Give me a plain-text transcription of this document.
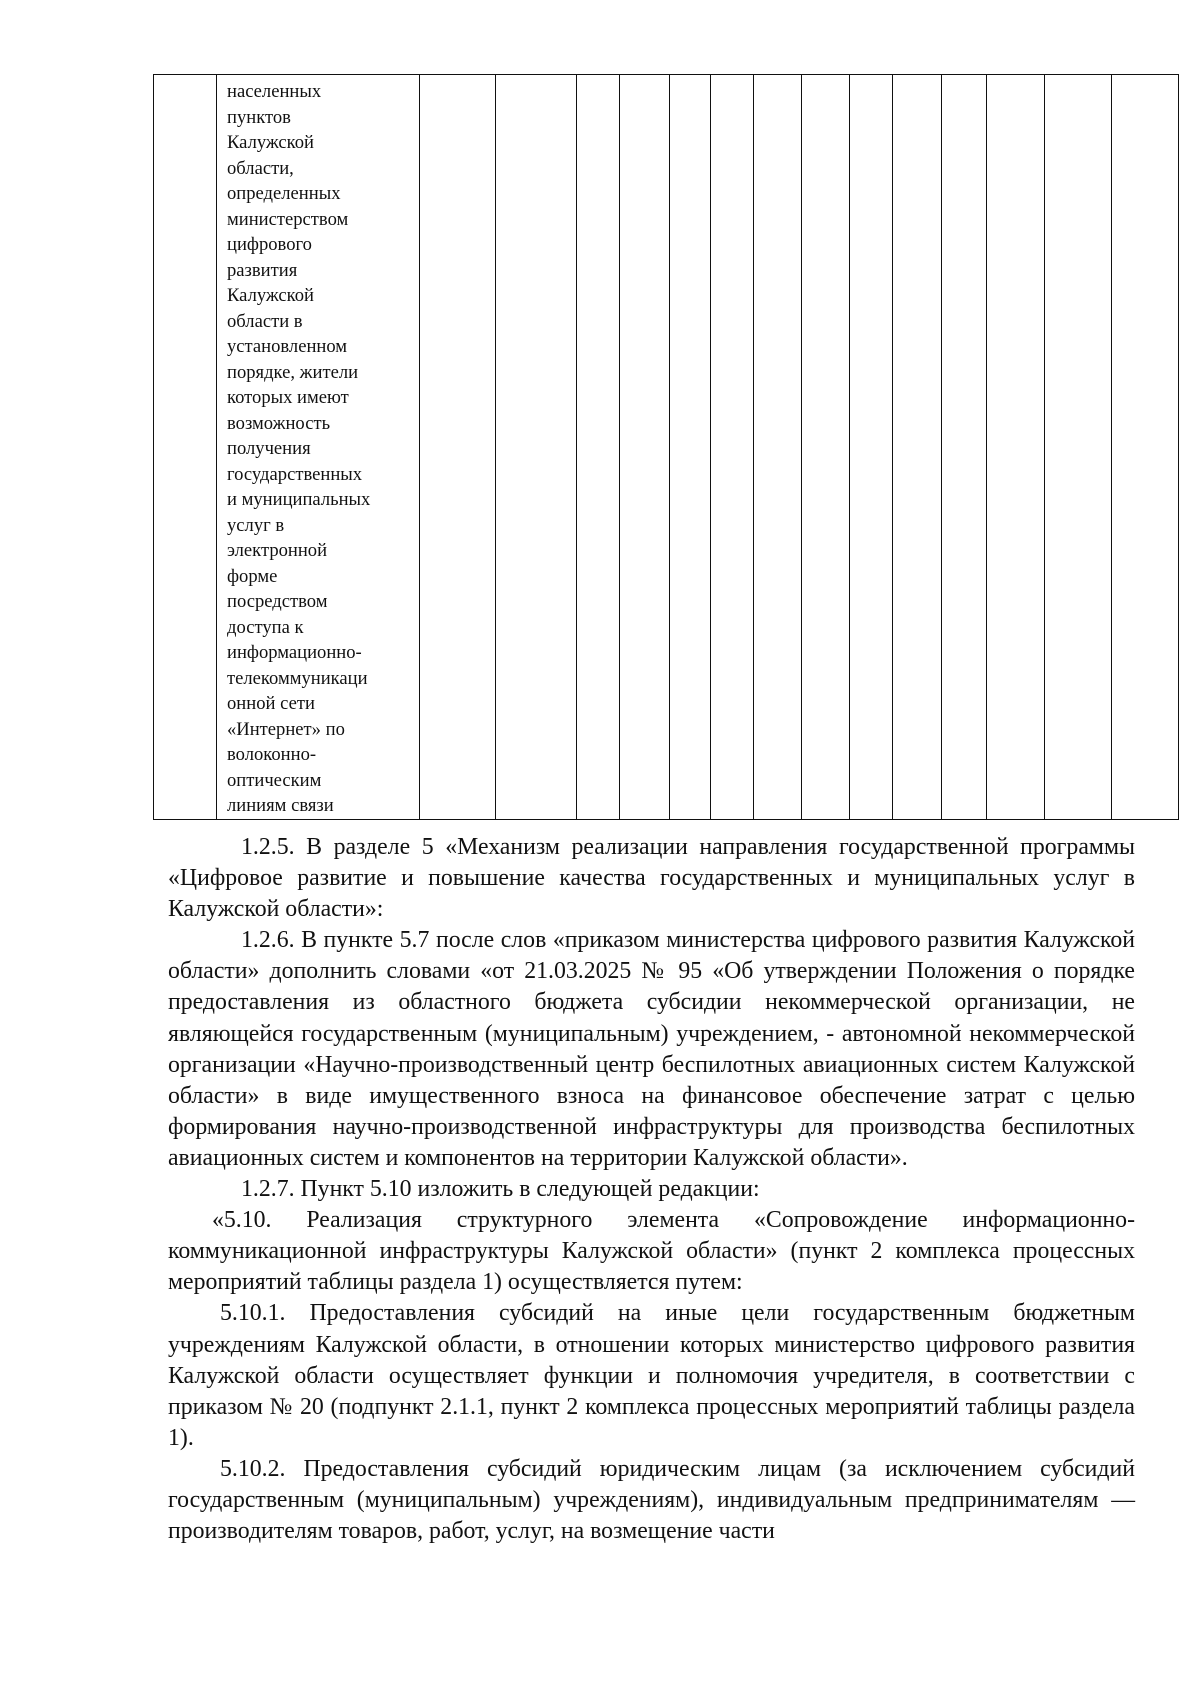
населенных
пунктов
Калужской
области,
определенных
министерством
цифрового
развития
Калужской
области в
установленном
порядке, жители
которых имеют
возможность
получения
государственных
и муниципальных
услуг в
электронной
форме
посредством
доступа к
информационно-
телекоммуникаци
онной сети
«Интернет» по
волоконно-
оптическим
линиям связи

1.2.5. В разделе 5 «Механизм реализации направления государственной программы «Цифровое развитие и повышение качества государственных и муниципальных услуг в Калужской области»:

1.2.6. В пункте 5.7 после слов «приказом министерства цифрового развития Калужской области» дополнить словами «от 21.03.2025 № 95 «Об утверждении Положения о порядке предоставления из областного бюджета субсидии некоммерческой организации, не являющейся государственным (муниципальным) учреждением, - автономной некоммерческой организации «Научно-производственный центр беспилотных авиационных систем Калужской области» в виде имущественного взноса на финансовое обеспечение затрат с целью формирования научно-производственной инфраструктуры для производства беспилотных авиационных систем и компонентов на территории Калужской области».

1.2.7. Пункт 5.10 изложить в следующей редакции:

«5.10. Реализация структурного элемента «Сопровождение информационно-коммуникационной инфраструктуры Калужской области» (пункт 2 комплекса процессных мероприятий таблицы раздела 1) осуществляется путем:

5.10.1. Предоставления субсидий на иные цели государственным бюджетным учреждениям Калужской области, в отношении которых министерство цифрового развития Калужской области осуществляет функции и полномочия учредителя, в соответствии с приказом № 20 (подпункт 2.1.1, пункт 2 комплекса процессных мероприятий таблицы раздела 1).

5.10.2. Предоставления субсидий юридическим лицам (за исключением субсидий государственным (муниципальным) учреждениям), индивидуальным предпринимателям — производителям товаров, работ, услуг, на возмещение части
